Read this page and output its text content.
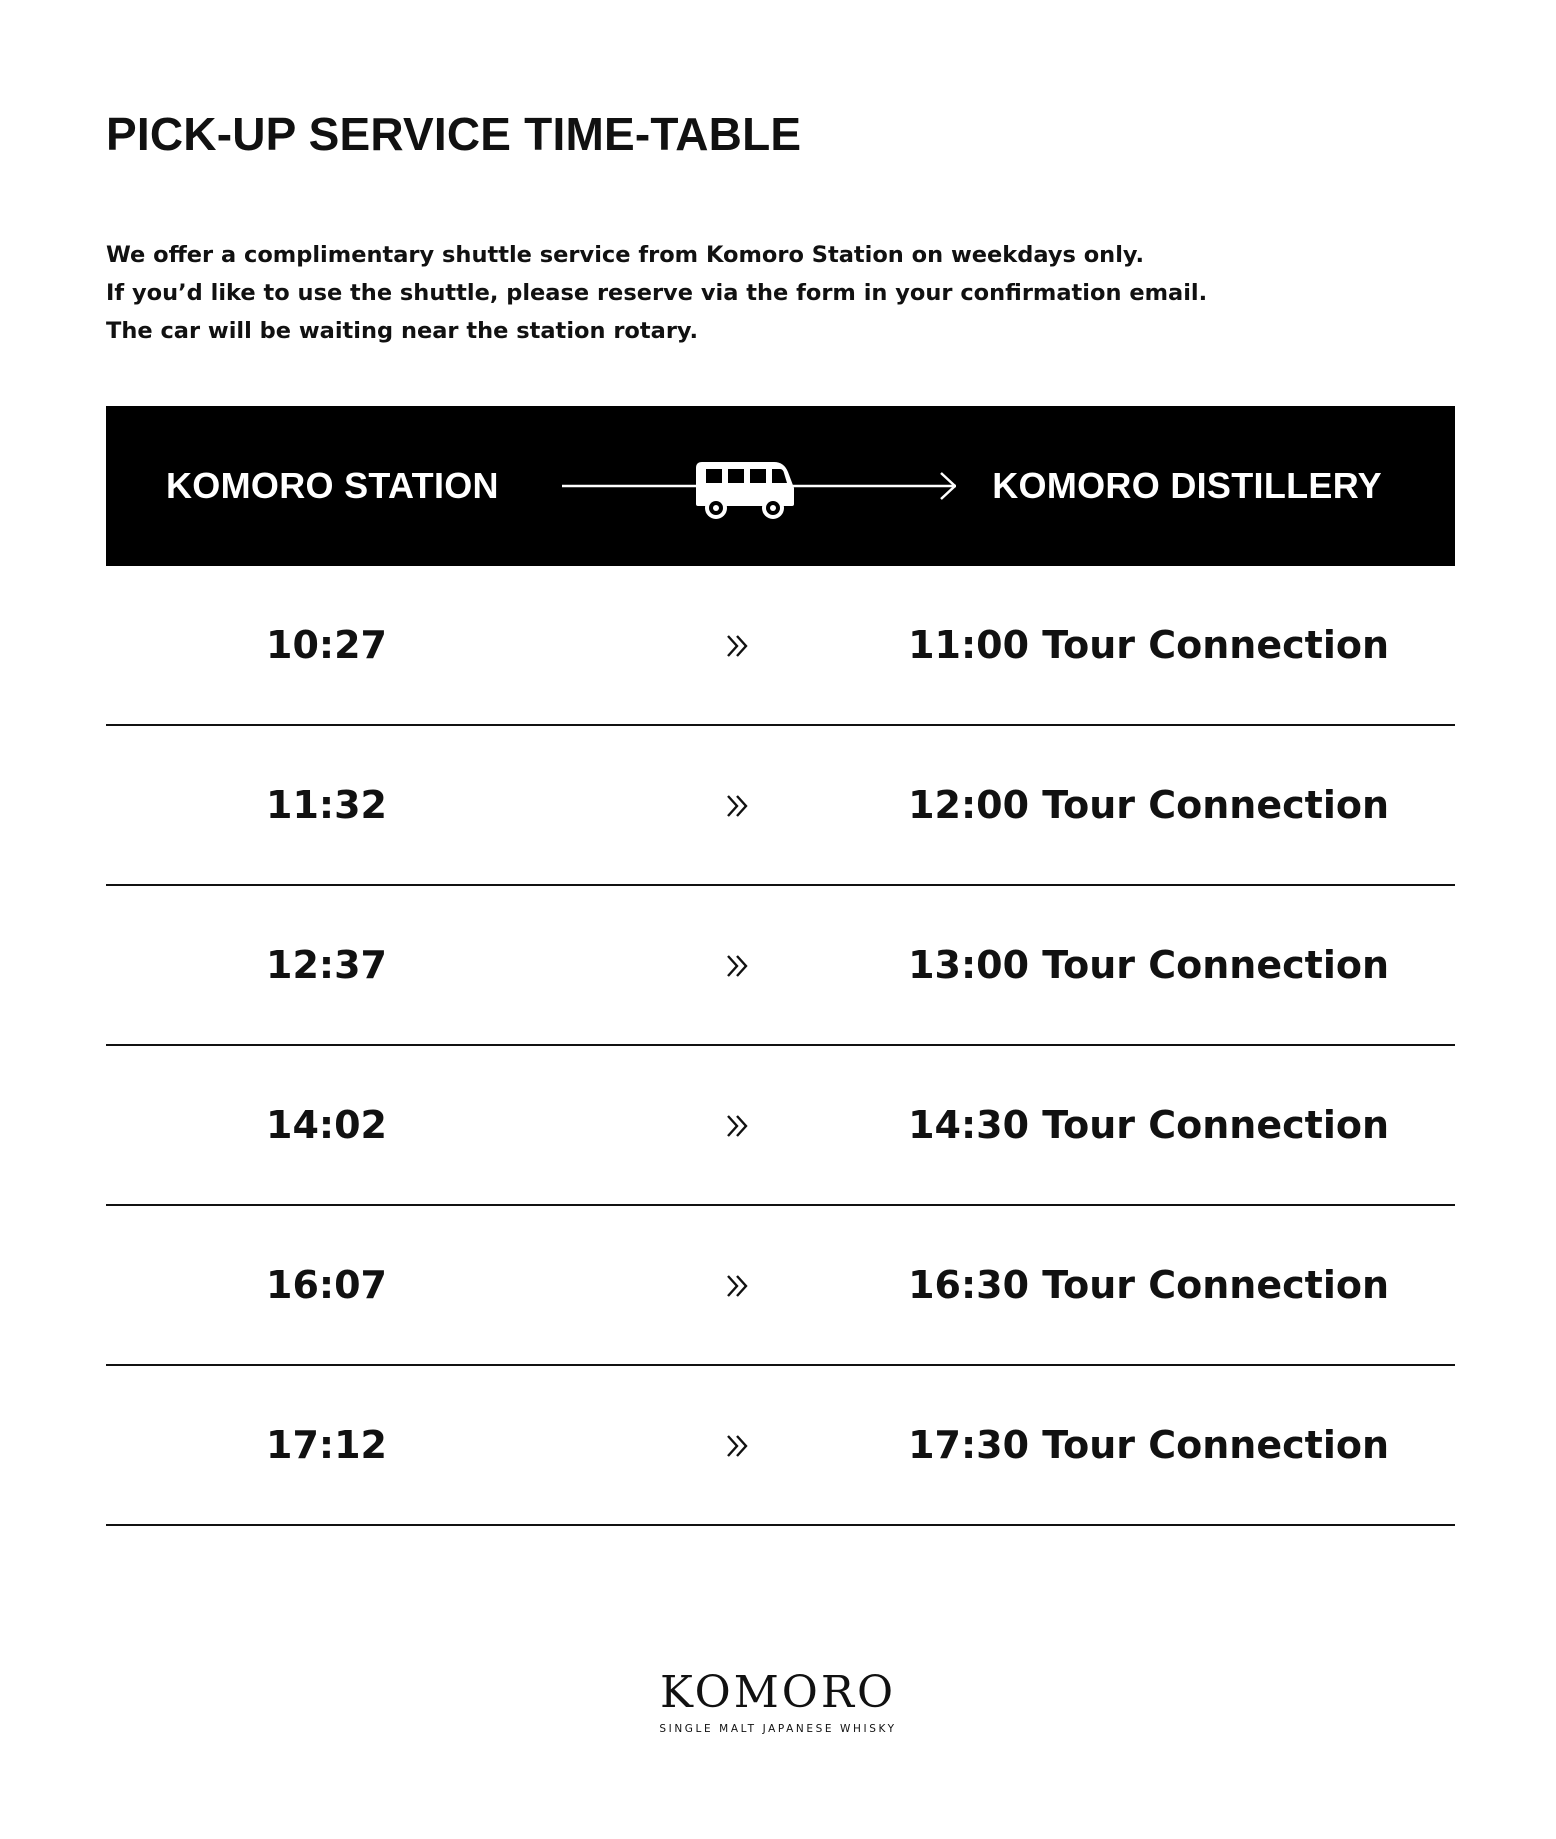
PICK-UP SERVICE TIME-TABLE
We offer a complimentary shuttle service from Komoro Station on weekdays only.
If you’d like to use the shuttle, please reserve via the form in your confirmation email.
The car will be waiting near the station rotary.
KOMORO STATION	KOMORO DISTILLERY
10:27	11:00 Tour Connection
11:32	12:00 Tour Connection
12:37	13:00 Tour Connection
14:02	14:30 Tour Connection
16:07	16:30 Tour Connection
17:12	17:30 Tour Connection
KOMORO
SINGLE MALT JAPANESE WHISKY
